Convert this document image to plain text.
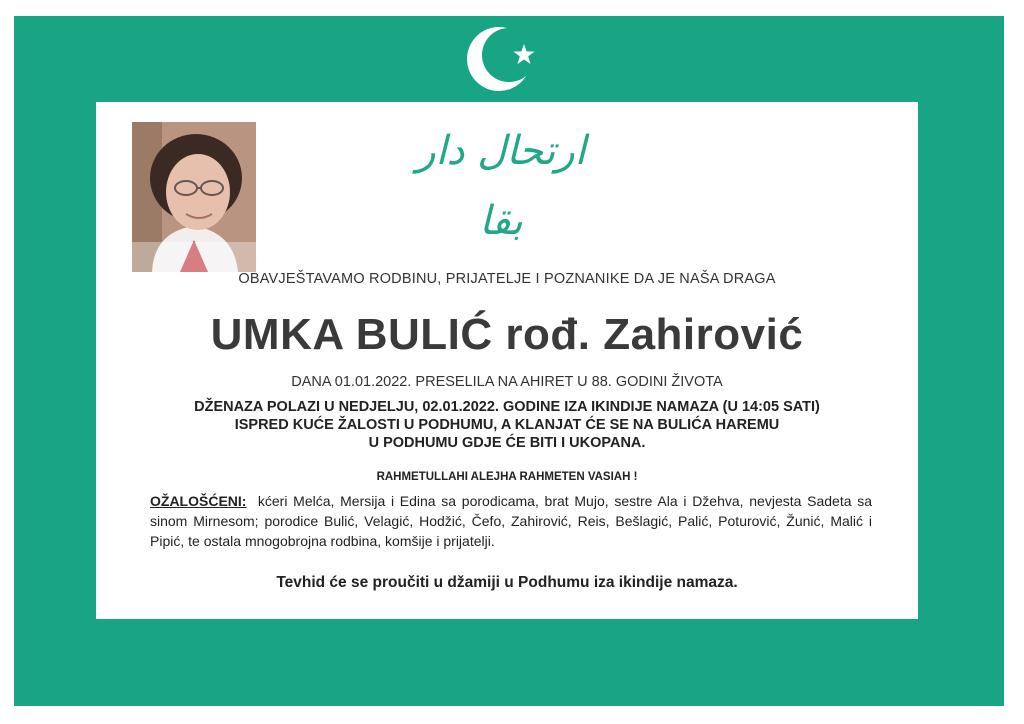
ارتحال دار بقا
OBAVJEŠTAVAMO RODBINU, PRIJATELJE I POZNANIKE DA JE NAŠA DRAGA
UMKA BULIĆ rođ. Zahirović
DANA 01.01.2022. PRESELILA NA AHIRET U 88. GODINI ŽIVOTA
DŽENAZA POLAZI U NEDJELJU, 02.01.2022. GODINE IZA IKINDIJE NAMAZA (U 14:05 SATI)
ISPRED KUĆE ŽALOSTI U PODHUMU, A KLANJAT ĆE SE NA BULIĆA HAREMU
U PODHUMU GDJE ĆE BITI I UKOPANA.
RAHMETULLAHI ALEJHA RAHMETEN VASIAH !
OŽALOŠĆENI: kćeri Melća, Mersija i Edina sa porodicama, brat Mujo, sestre Ala i Džehva, nevjesta Sadeta sa sinom Mirnesom; porodice Bulić, Velagić, Hodžić, Čefo, Zahirović, Reis, Bešlagić, Palić, Poturović, Žunić, Malić i Pipić, te ostala mnogobrojna rodbina, komšije i prijatelji.
Tevhid će se proučiti u džamiji u Podhumu iza ikindije namaza.
